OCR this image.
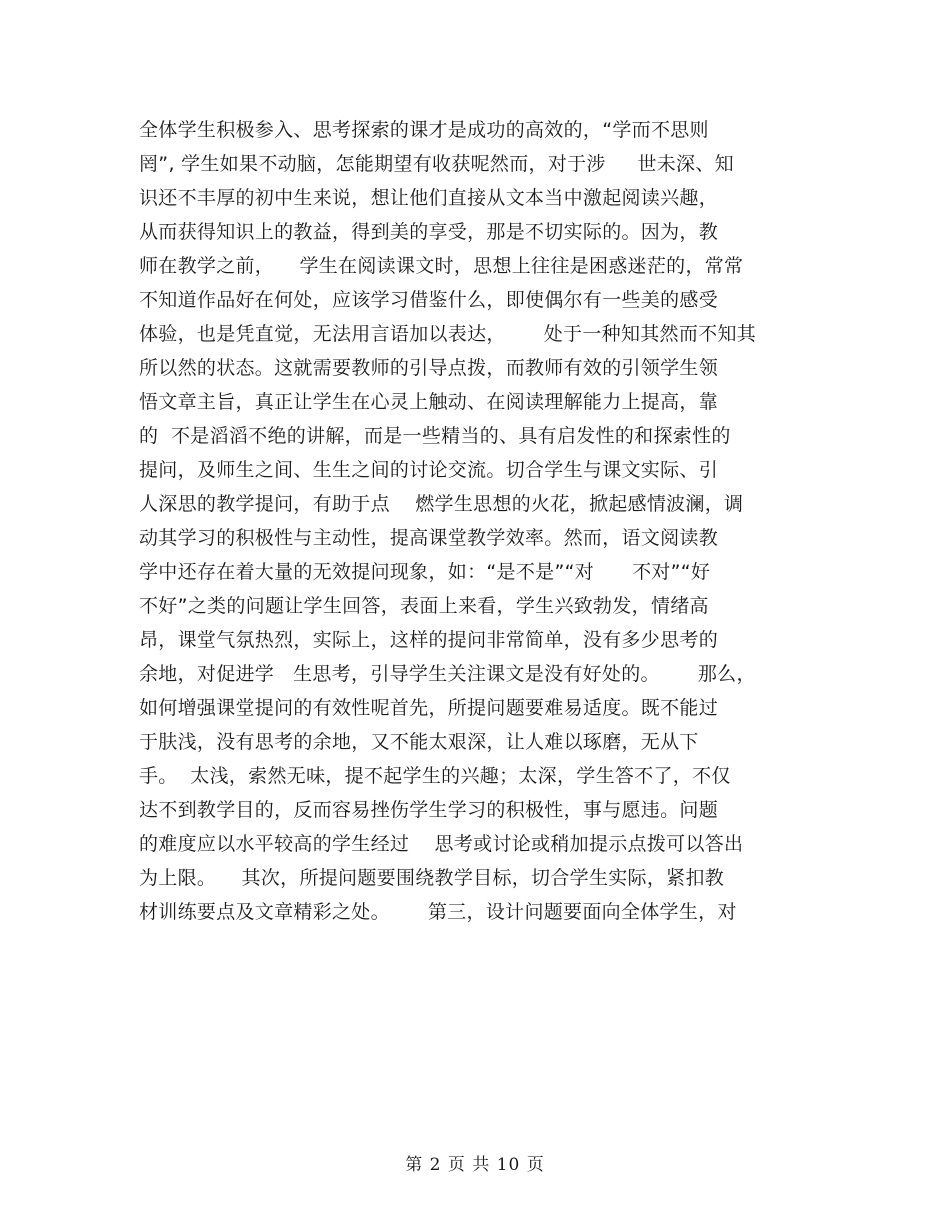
全体学生积极参入、思考探索的课才是成功的高效的，“学而不思则
罔”, 学生如果不动脑，怎能期望有收获呢然而，对于涉     世未深、知
识还不丰厚的初中生来说，想让他们直接从文本当中激起阅读兴趣，
从而获得知识上的教益，得到美的享受，那是不切实际的。因为，教
师在教学之前，    学生在阅读课文时，思想上往往是困惑迷茫的，常常
不知道作品好在何处，应该学习借鉴什么，即使偶尔有一些美的感受
体验，也是凭直觉，无法用言语加以表达，      处于一种知其然而不知其
所以然的状态。这就需要教师的引导点拨，而教师有效的引领学生领
悟文章主旨，真正让学生在心灵上触动、在阅读理解能力上提高，靠
的  不是滔滔不绝的讲解，而是一些精当的、具有启发性的和探索性的
提问，及师生之间、生生之间的讨论交流。切合学生与课文实际、引
人深思的教学提问，有助于点    燃学生思想的火花，掀起感情波澜，调
动其学习的积极性与主动性，提高课堂教学效率。然而，语文阅读教
学中还存在着大量的无效提问现象，如：“是不是”“对      不对”“好
不好”之类的问题让学生回答，表面上来看，学生兴致勃发，情绪高
昂，课堂气氛热烈，实际上，这样的提问非常简单，没有多少思考的
余地，对促进学   生思考，引导学生关注课文是没有好处的。      那么，
如何增强课堂提问的有效性呢首先，所提问题要难易适度。既不能过
于肤浅，没有思考的余地，又不能太艰深，让人难以琢磨，无从下
手。  太浅，索然无味，提不起学生的兴趣；太深，学生答不了，不仅
达不到教学目的，反而容易挫伤学生学习的积极性，事与愿违。问题
的难度应以水平较高的学生经过    思考或讨论或稍加提示点拨可以答出
为上限。    其次，所提问题要围绕教学目标，切合学生实际，紧扣教
材训练要点及文章精彩之处。      第三，设计问题要面向全体学生，对
第 2 页 共 10 页
